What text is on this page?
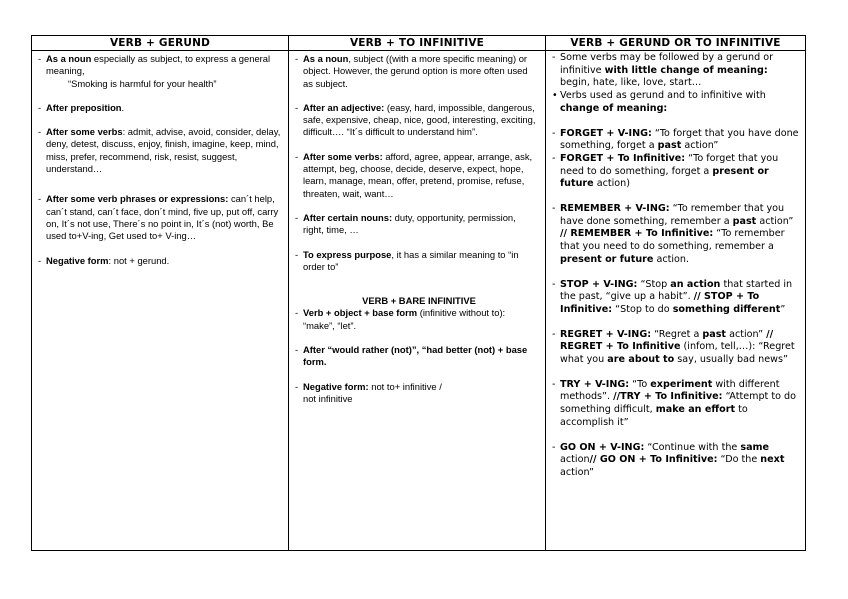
VERB + GERUND
- As a noun especially as subject, to express a general meaning,
“Smoking is harmful for your health”
- After preposition.
- After some verbs: admit, advise, avoid, consider, delay, deny, detest, discuss, enjoy, finish, imagine, keep, mind, miss, prefer, recommend, risk, resist, suggest, understand…
- After some verb phrases or expressions: can´t help, can´t stand, can´t face, don´t mind, five up, put off, carry on, It´s not use, There´s no point in, It´s (not) worth, Be used to+V-ing, Get used to+ V-ing…
- Negative form: not + gerund.
VERB + TO INFINITIVE
- As a noun, subject ((with a more specific meaning) or object. However, the gerund option is more often used as subject.
- After an adjective: (easy, hard, impossible, dangerous, safe, expensive, cheap, nice, good, interesting, exciting, difficult…. “It´s difficult to understand him”.
- After some verbs: afford, agree, appear, arrange, ask, attempt, beg, choose, decide, deserve, expect, hope, learn, manage, mean, offer, pretend, promise, refuse, threaten, wait, want…
- After certain nouns: duty, opportunity, permission, right, time, …
- To express purpose, it has a similar meaning to “in order to”
VERB + BARE INFINITIVE
- Verb + object + base form (infinitive without to): “make”, “let”.
- After “would rather (not)”, “had better (not) + base form.
- Negative form: not to+ infinitive /
not infinitive
VERB + GERUND OR TO INFINITIVE
- Some verbs may be followed by a gerund or infinitive with little change of meaning: begin, hate, like, love, start…
• Verbs used as gerund and to infinitive with change of meaning:
- FORGET + V-ING: “To forget that you have done something, forget a past action”
- FORGET + To Infinitive: “To forget that you need to do something, forget a present or future action)
- REMEMBER + V-ING: “To remember that you have done something, remember a past action” // REMEMBER + To Infinitive: “To remember that you need to do something, remember a present or future action.
- STOP + V-ING: “Stop an action that started in the past, “give up a habit”. // STOP + To Infinitive: “Stop to do something different”
- REGRET + V-ING: “Regret a past action” // REGRET + To Infinitive (infom, tell,…): “Regret what you are about to say, usually bad news”
- TRY + V-ING: “To experiment with different methods”. //TRY + To Infinitive: “Attempt to do something difficult, make an effort to accomplish it”
- GO ON + V-ING: “Continue with the same action// GO ON + To Infinitive: “Do the next action”
